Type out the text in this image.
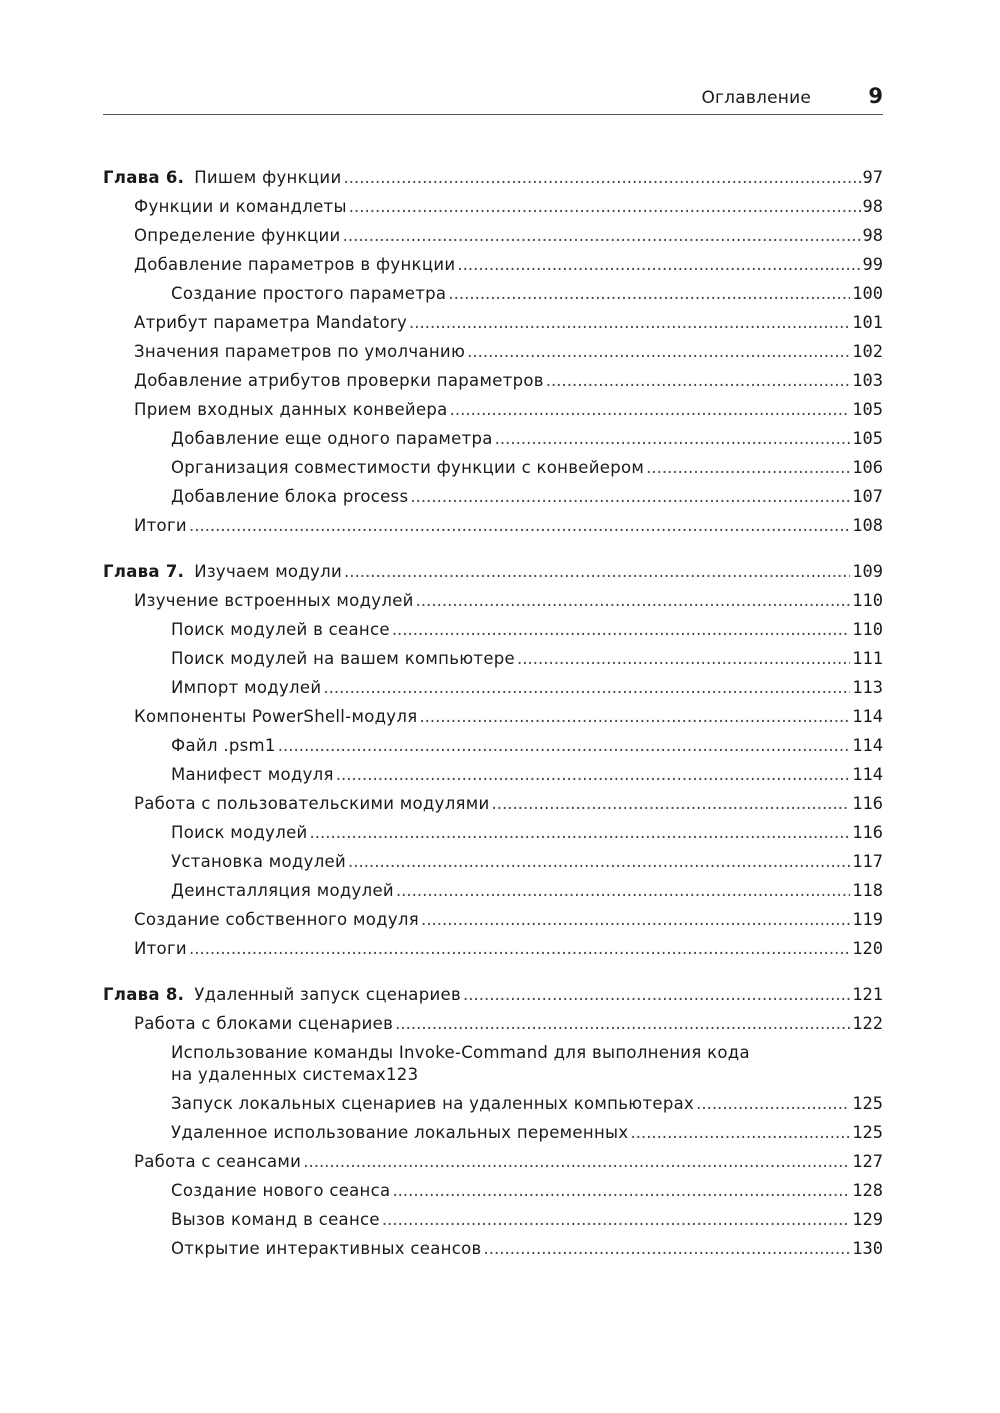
Оглавление	9
Глава 6. Пишем функции .....	97
Функции и командлеты .....	98
Определение функции .....	98
Добавление параметров в функции .....	99
Создание простого параметра .....	100
Атрибут параметра Mandatory .....	101
Значения параметров по умолчанию .....	102
Добавление атрибутов проверки параметров .....	103
Прием входных данных конвейера .....	105
Добавление еще одного параметра .....	105
Организация совместимости функции с конвейером .....	106
Добавление блока process .....	107
Итоги .....	108
Глава 7. Изучаем модули .....	109
Изучение встроенных модулей .....	110
Поиск модулей в сеансе .....	110
Поиск модулей на вашем компьютере .....	111
Импорт модулей .....	113
Компоненты PowerShell-модуля .....	114
Файл .psm1 .....	114
Манифест модуля .....	114
Работа с пользовательскими модулями .....	116
Поиск модулей .....	116
Установка модулей .....	117
Деинсталляция модулей .....	118
Создание собственного модуля .....	119
Итоги .....	120
Глава 8. Удаленный запуск сценариев .....	121
Работа с блоками сценариев .....	122
Использование команды Invoke-Command для выполнения кода
на удаленных системах 123
Запуск локальных сценариев на удаленных компьютерах .....	125
Удаленное использование локальных переменных .....	125
Работа с сеансами .....	127
Создание нового сеанса .....	128
Вызов команд в сеансе .....	129
Открытие интерактивных сеансов .....	130
